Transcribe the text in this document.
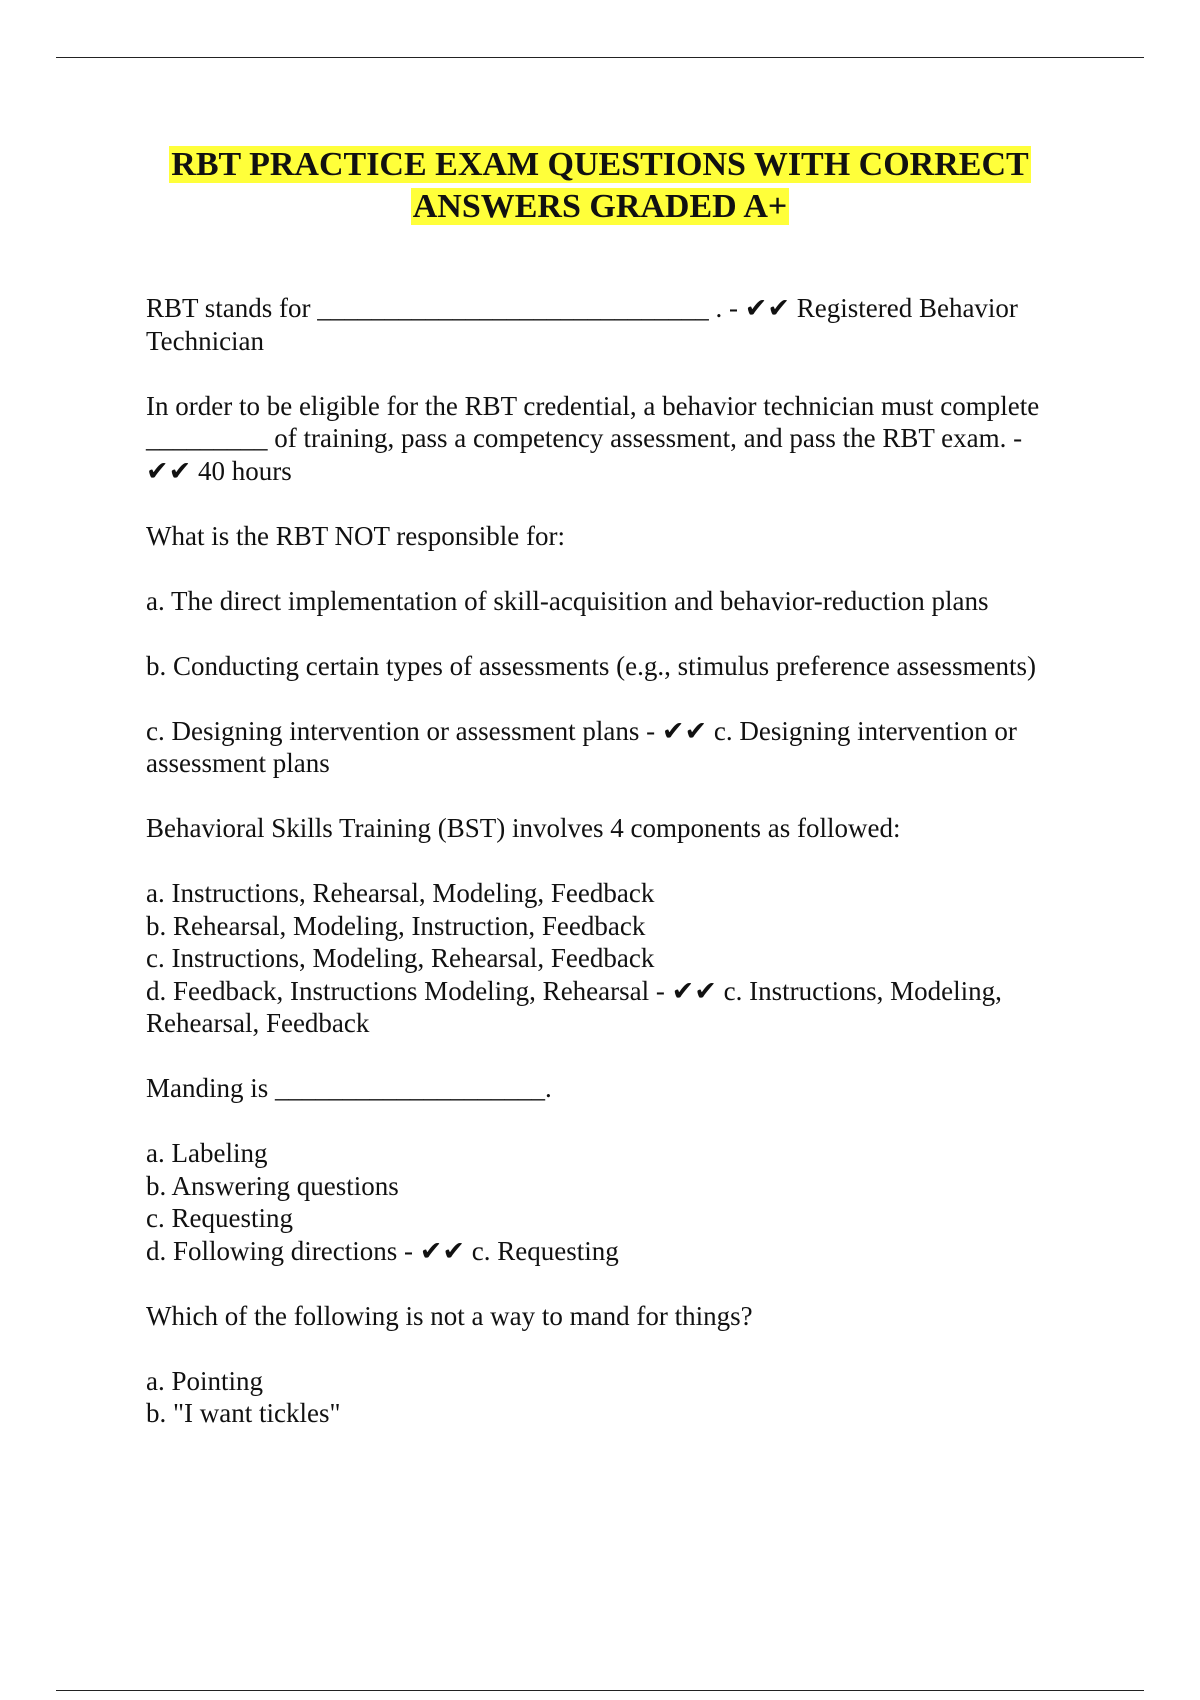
RBT PRACTICE EXAM QUESTIONS WITH CORRECT
ANSWERS GRADED A+
RBT stands for _____________________________ . - ✔✔ Registered Behavior
Technician
In order to be eligible for the RBT credential, a behavior technician must complete
_________ of training, pass a competency assessment, and pass the RBT exam. -
✔✔ 40 hours
What is the RBT NOT responsible for:
a. The direct implementation of skill-acquisition and behavior-reduction plans
b. Conducting certain types of assessments (e.g., stimulus preference assessments)
c. Designing intervention or assessment plans - ✔✔ c. Designing intervention or
assessment plans
Behavioral Skills Training (BST) involves 4 components as followed:
a. Instructions, Rehearsal, Modeling, Feedback
b. Rehearsal, Modeling, Instruction, Feedback
c. Instructions, Modeling, Rehearsal, Feedback
d. Feedback, Instructions Modeling, Rehearsal - ✔✔ c. Instructions, Modeling,
Rehearsal, Feedback
Manding is ____________________.
a. Labeling
b. Answering questions
c. Requesting
d. Following directions - ✔✔ c. Requesting
Which of the following is not a way to mand for things?
a. Pointing
b. "I want tickles"
